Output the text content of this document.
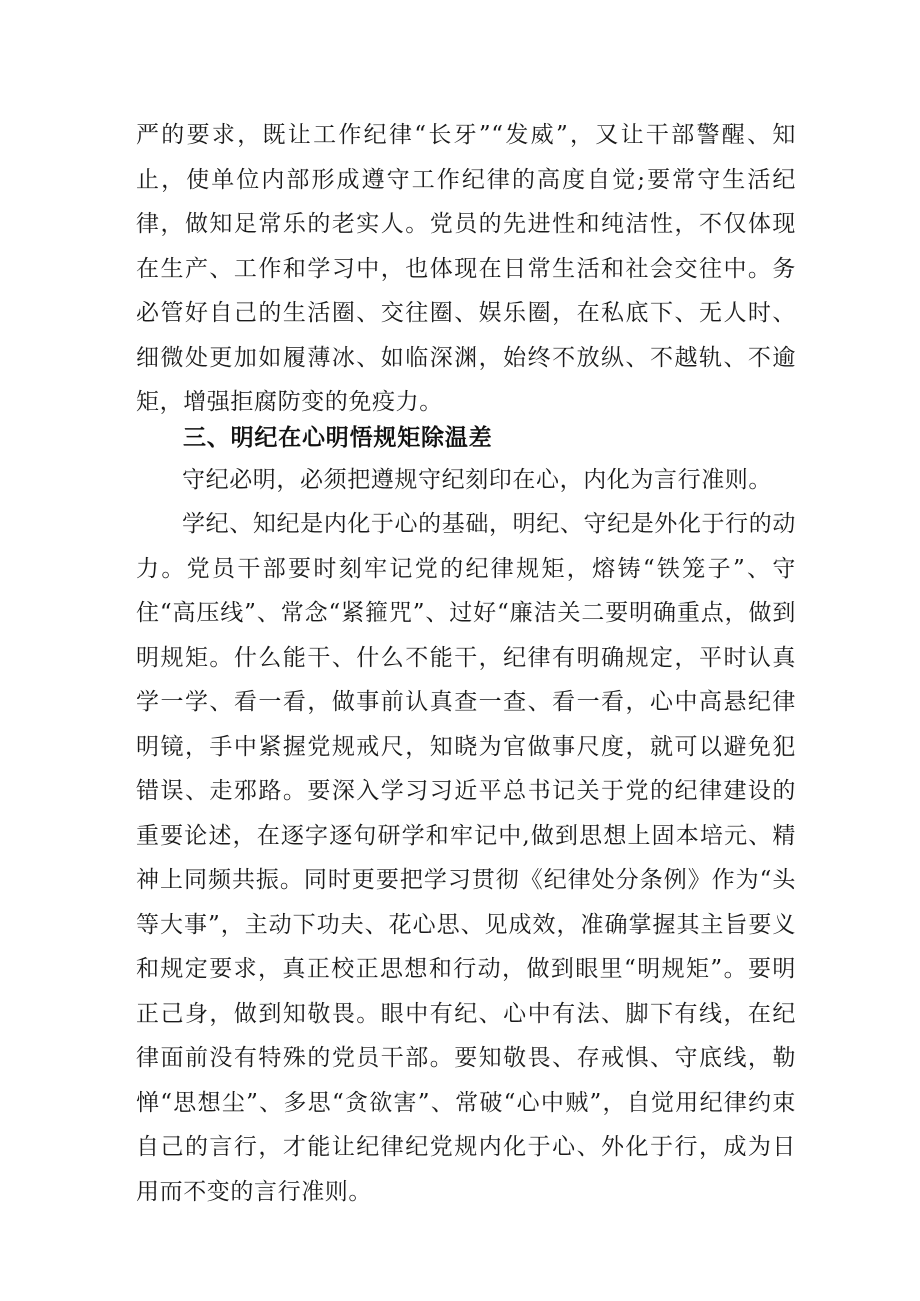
严的要求，既让工作纪律“长牙”“发威”，又让干部警醒、知止，使单位内部形成遵守工作纪律的高度自觉;要常守生活纪律，做知足常乐的老实人。党员的先进性和纯洁性，不仅体现在生产、工作和学习中，也体现在日常生活和社会交往中。务必管好自己的生活圈、交往圈、娱乐圈，在私底下、无人时、细微处更加如履薄冰、如临深渊，始终不放纵、不越轨、不逾矩，增强拒腐防变的免疫力。

三、明纪在心明悟规矩除温差

守纪必明，必须把遵规守纪刻印在心，内化为言行准则。

学纪、知纪是内化于心的基础，明纪、守纪是外化于行的动力。党员干部要时刻牢记党的纪律规矩，熔铸“铁笼子”、守住“高压线”、常念“紧箍咒”、过好“廉洁关二要明确重点，做到明规矩。什么能干、什么不能干，纪律有明确规定，平时认真学一学、看一看，做事前认真查一查、看一看，心中高悬纪律明镜，手中紧握党规戒尺，知晓为官做事尺度，就可以避免犯错误、走邪路。要深入学习习近平总书记关于党的纪律建设的重要论述，在逐字逐句研学和牢记中,做到思想上固本培元、精神上同频共振。同时更要把学习贯彻《纪律处分条例》作为“头等大事”，主动下功夫、花心思、见成效，准确掌握其主旨要义和规定要求，真正校正思想和行动，做到眼里“明规矩”。要明正己身，做到知敬畏。眼中有纪、心中有法、脚下有线，在纪律面前没有特殊的党员干部。要知敬畏、存戒惧、守底线，勒惮“思想尘”、多思“贪欲害”、常破“心中贼”，自觉用纪律约束自己的言行，才能让纪律纪党规内化于心、外化于行，成为日用而不变的言行准则。
